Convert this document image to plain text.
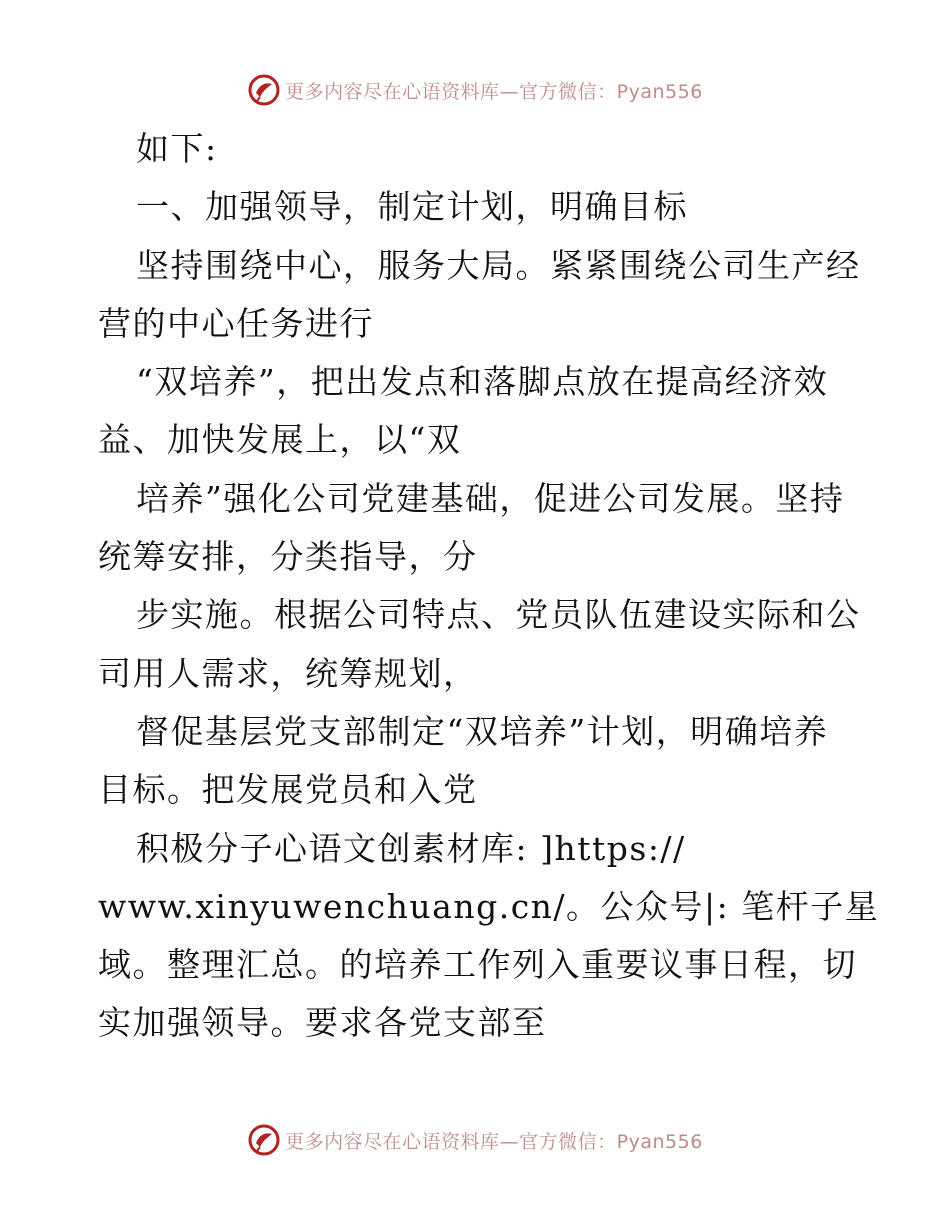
更多内容尽在心语资料库—官方微信：Pyan556
如下:
一、加强领导，制定计划，明确目标
坚持围绕中心，服务大局。紧紧围绕公司生产经
营的中心任务进行
“双培养”，把出发点和落脚点放在提高经济效
益、加快发展上，以“双
培养”强化公司党建基础，促进公司发展。坚持
统筹安排，分类指导，分
步实施。根据公司特点、党员队伍建设实际和公
司用人需求，统筹规划，
督促基层党支部制定“双培养”计划，明确培养
目标。把发展党员和入党
积极分子心语文创素材库: ]https://
www.xinyuwenchuang.cn/。公众号|: 笔杆子星
域。整理汇总。的培养工作列入重要议事日程，切
实加强领导。要求各党支部至
更多内容尽在心语资料库—官方微信：Pyan556
